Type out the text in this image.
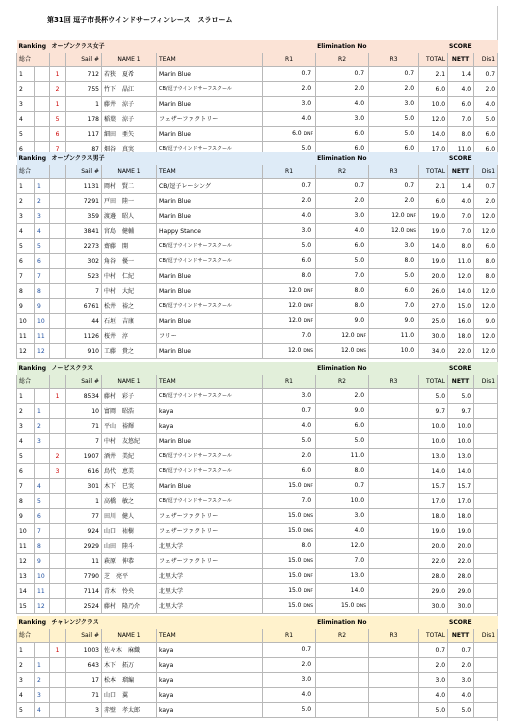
第31回 逗子市長杯ウインドサーフィンレース　スラローム
Ranking		オープンクラス女子				Elimination No			SCORE		
総合			Sail #	NAME 1	TEAM	R1	R2	R3	TOTAL	NETT	Dis1
1		1	712	若狭　夏希	Marin Blue	0.7	0.7	0.7	2.1	1.4	0.7
2		2	755	竹下　晶江	CB/逗子ウインドサーフスクール	2.0	2.0	2.0	6.0	4.0	2.0
3		1	1	藤井　涼子	Marin Blue	3.0	4.0	3.0	10.0	6.0	4.0
4		5	178	稲葉　涼子	フェザーファクトリー	4.0	3.0	5.0	12.0	7.0	5.0
5		6	117	細田　亜矢	Marin Blue	6.0 DNF	6.0	5.0	14.0	8.0	6.0
6		7	87	畑谷　真実	CB/逗子ウインドサーフスクール	5.0	6.0	6.0	17.0	11.0	6.0
Ranking		オープンクラス男子				Elimination No			SCORE		
総合			Sail #	NAME 1	TEAM	R1	R2	R3	TOTAL	NETT	Dis1
1	1		1131	岡村　賢二	CB/逗子レーシング	0.7	0.7	0.7	2.1	1.4	0.7
2	2		7291	戸田　陸一	Marin Blue	2.0	2.0	2.0	6.0	4.0	2.0
3	3		359	渡邊　昭人	Marin Blue	4.0	3.0	12.0 DNF	19.0	7.0	12.0
4	4		3841	宮島　健輔	Happy Stance	3.0	4.0	12.0 DNS	19.0	7.0	12.0
5	5		2273	齋藤　開	CB/逗子ウインドサーフスクール	5.0	6.0	3.0	14.0	8.0	6.0
6	6		302	角谷　優一	CB/逗子ウインドサーフスクール	6.0	5.0	8.0	19.0	11.0	8.0
7	7		523	中村　仁紀	Marin Blue	8.0	7.0	5.0	20.0	12.0	8.0
8	8		7	中村　大紀	Marin Blue	12.0 DNF	8.0	6.0	26.0	14.0	12.0
9	9		6761	松井　裕之	CB/逗子ウインドサーフスクール	12.0 DNF	8.0	7.0	27.0	15.0	12.0
10	10		44	石垣　吉康	Marin Blue	12.0 DNF	9.0	9.0	25.0	16.0	9.0
11	11		1126	桜井　淳	フリー	7.0	12.0 DNF	11.0	30.0	18.0	12.0
12	12		910	工藤　貴之	Marin Blue	12.0 DNS	12.0 DNS	10.0	34.0	22.0	12.0
Ranking		ノービスクラス				Elimination No			SCORE		
総合			Sail #	NAME 1	TEAM	R1	R2	R3	TOTAL	NETT	Dis1
1		1	8534	藤村　彩子	CB/逗子ウインドサーフスクール	3.0	2.0		5.0	5.0	
2	1		10	富岡　昭浩	kaya	0.7	9.0		9.7	9.7	
3	2		71	平山　裕輝	kaya	4.0	6.0		10.0	10.0	
4	3		7	中村　友悠紀	Marin Blue	5.0	5.0		10.0	10.0	
5		2	1907	酒井　美紀	CB/逗子ウインドサーフスクール	2.0	11.0		13.0	13.0	
6		3	616	鳥代　恵美	CB/逗子ウインドサーフスクール	6.0	8.0		14.0	14.0	
7	4		301	木下　巳実	Marin Blue	15.0 DNF	0.7		15.7	15.7	
8	5		1	高橋　敏之	CB/逗子ウインドサーフスクール	7.0	10.0		17.0	17.0	
9	6		77	田川　健人	フェザーファクトリー	15.0 DNS	3.0		18.0	18.0	
10	7		924	山口　祐樹	フェザーファクトリー	15.0 DNS	4.0		19.0	19.0	
11	8		2929	山田　陸斗	北里大学	8.0	12.0		20.0	20.0	
12	9		11	萩原　伸恭	フェザーファクトリー	15.0 DNS	7.0		22.0	22.0	
13	10		7790	芝　亮平	北里大学	15.0 DNF	13.0		28.0	28.0	
14	11		7114	青木　怜央	北里大学	15.0 DNF	14.0		29.0	29.0	
15	12		2524	藤村　隆乃介	北里大学	15.0 DNS	15.0 DNS		30.0	30.0	
Ranking		チャレンジクラス				Elimination No			SCORE		
総合			Sail #	NAME 1	TEAM	R1	R2	R3	TOTAL	NETT	Dis1
1		1	1003	佐々木　麻織	kaya	0.7			0.7	0.7	
2	1		643	木下　拓万	kaya	2.0			2.0	2.0	
3	2		17	松本　瑠編	kaya	3.0			3.0	3.0	
4	3		71	山口　翼	kaya	4.0			4.0	4.0	
5	4		3	赤壁　孝太郎	kaya	5.0			5.0	5.0	
